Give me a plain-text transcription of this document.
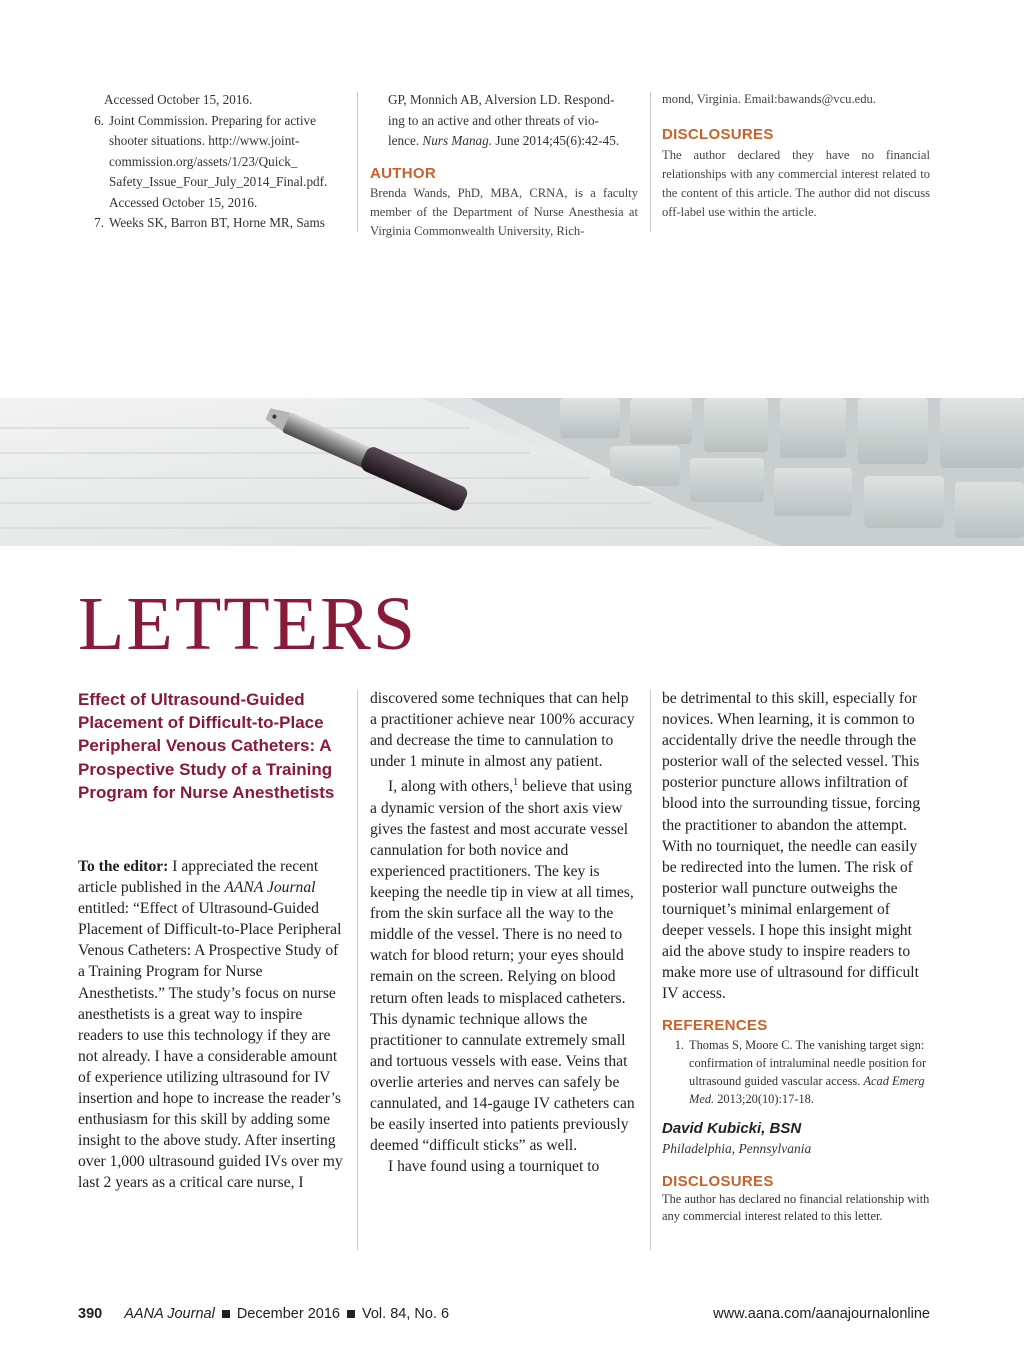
Accessed October 15, 2016.
6. Joint Commission. Preparing for active
shooter situations. http://www.joint-
commission.org/assets/1/23/Quick_
Safety_Issue_Four_July_2014_Final.pdf.
Accessed October 15, 2016.
7. Weeks SK, Barron BT, Horne MR, Sams
GP, Monnich AB, Alversion LD. Respond-
ing to an active and other threats of vio-
lence. Nurs Manag. June 2014;45(6):42-45.
AUTHOR
Brenda Wands, PhD, MBA, CRNA, is a faculty member of the Department of Nurse Anesthesia at Virginia Commonwealth University, Rich-
mond, Virginia. Email:bawands@vcu.edu.
DISCLOSURES
The author declared they have no financial relationships with any commercial interest related to the content of this article. The author did not discuss off-label use within the article.
LETTERS
Effect of Ultrasound-Guided Placement of Difficult-to-Place Peripheral Venous Catheters: A Prospective Study of a Training Program for Nurse Anesthetists

To the editor: I appreciated the recent article published in the AANA Journal entitled: “Effect of Ultrasound-Guided Placement of Difficult-to-Place Peripheral Venous Catheters: A Prospective Study of a Training Program for Nurse Anesthetists.” The study’s focus on nurse anesthetists is a great way to inspire readers to use this technology if they are not already. I have a considerable amount of experience utilizing ultrasound for IV insertion and hope to increase the reader’s enthusiasm for this skill by adding some insight to the above study. After inserting over 1,000 ultrasound guided IVs over my last 2 years as a critical care nurse, I

discovered some techniques that can help a practitioner achieve near 100% accuracy and decrease the time to cannulation to under 1 minute in almost any patient.

I, along with others,$^1$ believe that using a dynamic version of the short axis view gives the fastest and most accurate vessel cannulation for both novice and experienced practitioners. The key is keeping the needle tip in view at all times, from the skin surface all the way to the middle of the vessel. There is no need to watch for blood return; your eyes should remain on the screen. Relying on blood return often leads to misplaced catheters. This dynamic technique allows the practitioner to cannulate extremely small and tortuous vessels with ease. Veins that overlie arteries and nerves can safely be cannulated, and 14-gauge IV catheters can be easily inserted into patients previously deemed “difficult sticks” as well.

I have found using a tourniquet to

be detrimental to this skill, especially for novices. When learning, it is common to accidentally drive the needle through the posterior wall of the selected vessel. This posterior puncture allows infiltration of blood into the surrounding tissue, forcing the practitioner to abandon the attempt. With no tourniquet, the needle can easily be redirected into the lumen. The risk of posterior wall puncture outweighs the tourniquet’s minimal enlargement of deeper vessels. I hope this insight might aid the above study to inspire readers to make more use of ultrasound for difficult IV access.

REFERENCES
1. Thomas S, Moore C. The vanishing target sign: confirmation of intraluminal needle position for ultrasound guided vascular access. Acad Emerg Med. 2013;20(10):17-18.
David Kubicki, BSN
Philadelphia, Pennsylvania
DISCLOSURES
The author has declared no financial relationship with any commercial interest related to this letter.
390 AANA Journal December 2016 Vol. 84, No. 6	www.aana.com/aanajournalonline
